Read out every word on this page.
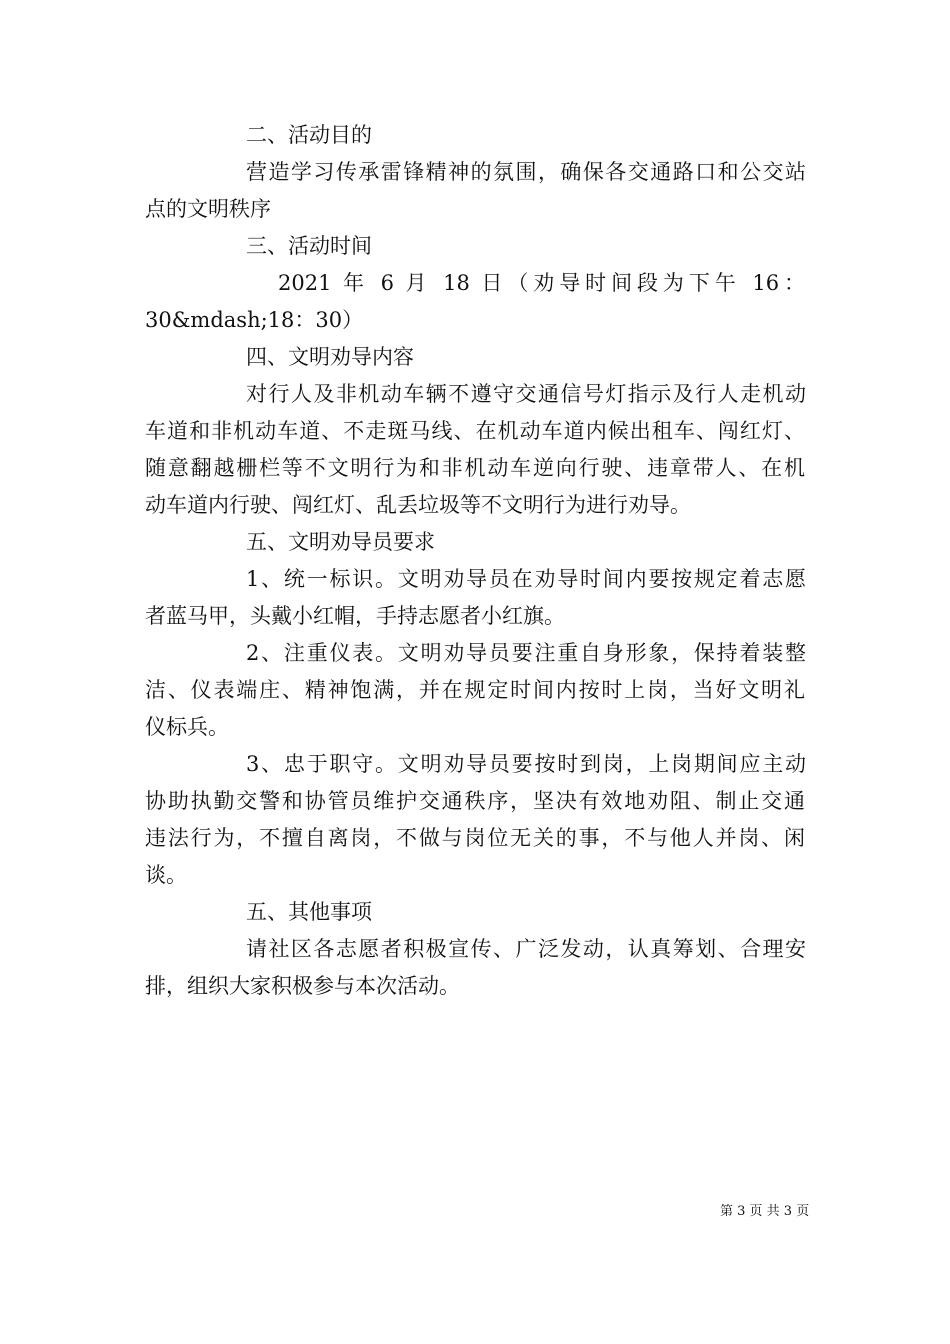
二、活动目的

营造学习传承雷锋精神的氛围，确保各交通路口和公交站

点的文明秩序

三、活动时间

2021 年 6 月 18 日（劝导时间段为下午 16：

30&mdash;18：30）

四、文明劝导内容

对行人及非机动车辆不遵守交通信号灯指示及行人走机动

车道和非机动车道、不走斑马线、在机动车道内候出租车、闯红灯、

随意翻越栅栏等不文明行为和非机动车逆向行驶、违章带人、在机

动车道内行驶、闯红灯、乱丢垃圾等不文明行为进行劝导。

五、文明劝导员要求

1、统一标识。文明劝导员在劝导时间内要按规定着志愿

者蓝马甲，头戴小红帽，手持志愿者小红旗。

2、注重仪表。文明劝导员要注重自身形象，保持着装整

洁、仪表端庄、精神饱满，并在规定时间内按时上岗，当好文明礼

仪标兵。

3、忠于职守。文明劝导员要按时到岗，上岗期间应主动

协助执勤交警和协管员维护交通秩序，坚决有效地劝阻、制止交通

违法行为，不擅自离岗，不做与岗位无关的事，不与他人并岗、闲

谈。

五、其他事项

请社区各志愿者积极宣传、广泛发动，认真筹划、合理安

排，组织大家积极参与本次活动。

第 3 页 共 3 页
